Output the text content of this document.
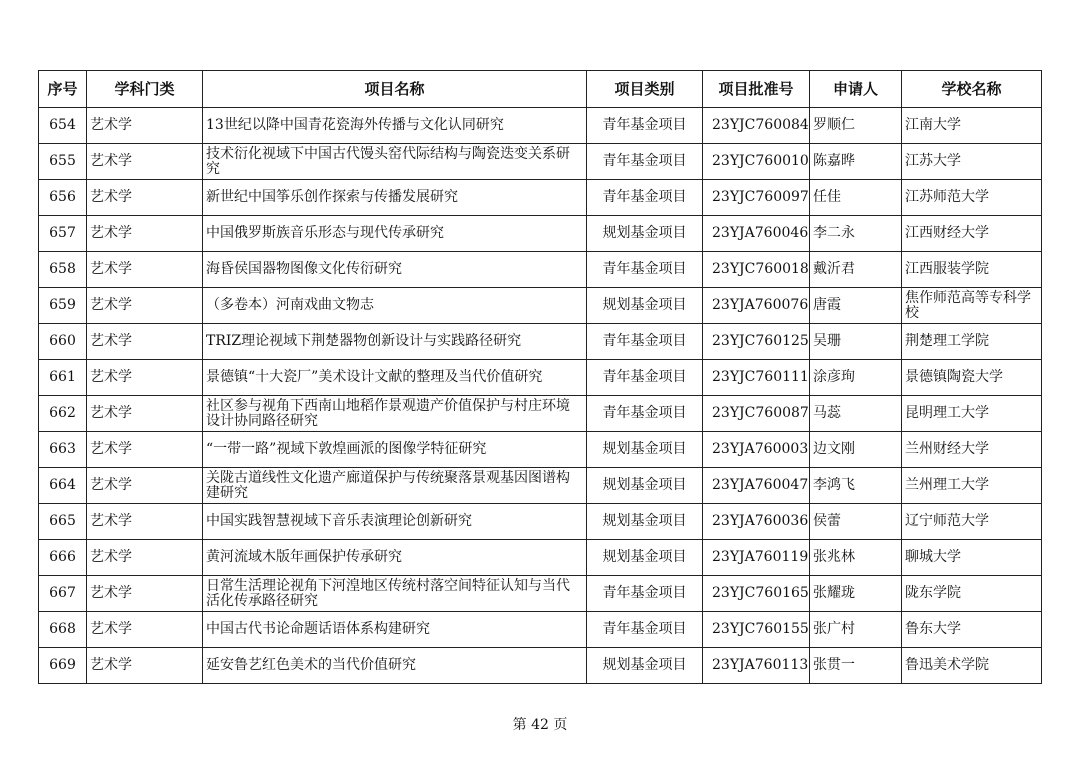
序号	学科门类	项目名称	项目类别	项目批准号	申请人	学校名称
654	艺术学	13世纪以降中国青花瓷海外传播与文化认同研究	青年基金项目	23YJC760084	罗顺仁	江南大学
655	艺术学	技术衍化视域下中国古代馒头窑代际结构与陶瓷迭变关系研究	青年基金项目	23YJC760010	陈嘉晔	江苏大学
656	艺术学	新世纪中国筝乐创作探索与传播发展研究	青年基金项目	23YJC760097	任佳	江苏师范大学
657	艺术学	中国俄罗斯族音乐形态与现代传承研究	规划基金项目	23YJA760046	李二永	江西财经大学
658	艺术学	海昏侯国器物图像文化传衍研究	青年基金项目	23YJC760018	戴沂君	江西服装学院
659	艺术学	（多卷本）河南戏曲文物志	规划基金项目	23YJA760076	唐霞	焦作师范高等专科学校
660	艺术学	TRIZ理论视域下荆楚器物创新设计与实践路径研究	青年基金项目	23YJC760125	吴珊	荆楚理工学院
661	艺术学	景德镇“十大瓷厂”美术设计文献的整理及当代价值研究	青年基金项目	23YJC760111	涂彦珣	景德镇陶瓷大学
662	艺术学	社区参与视角下西南山地稻作景观遗产价值保护与村庄环境设计协同路径研究	青年基金项目	23YJC760087	马蕊	昆明理工大学
663	艺术学	“一带一路”视域下敦煌画派的图像学特征研究	规划基金项目	23YJA760003	边文刚	兰州财经大学
664	艺术学	关陇古道线性文化遗产廊道保护与传统聚落景观基因图谱构建研究	规划基金项目	23YJA760047	李鸿飞	兰州理工大学
665	艺术学	中国实践智慧视域下音乐表演理论创新研究	规划基金项目	23YJA760036	侯蕾	辽宁师范大学
666	艺术学	黄河流域木版年画保护传承研究	规划基金项目	23YJA760119	张兆林	聊城大学
667	艺术学	日常生活理论视角下河湟地区传统村落空间特征认知与当代活化传承路径研究	青年基金项目	23YJC760165	张耀珑	陇东学院
668	艺术学	中国古代书论命题话语体系构建研究	青年基金项目	23YJC760155	张广村	鲁东大学
669	艺术学	延安鲁艺红色美术的当代价值研究	规划基金项目	23YJA760113	张贯一	鲁迅美术学院
第 42 页
